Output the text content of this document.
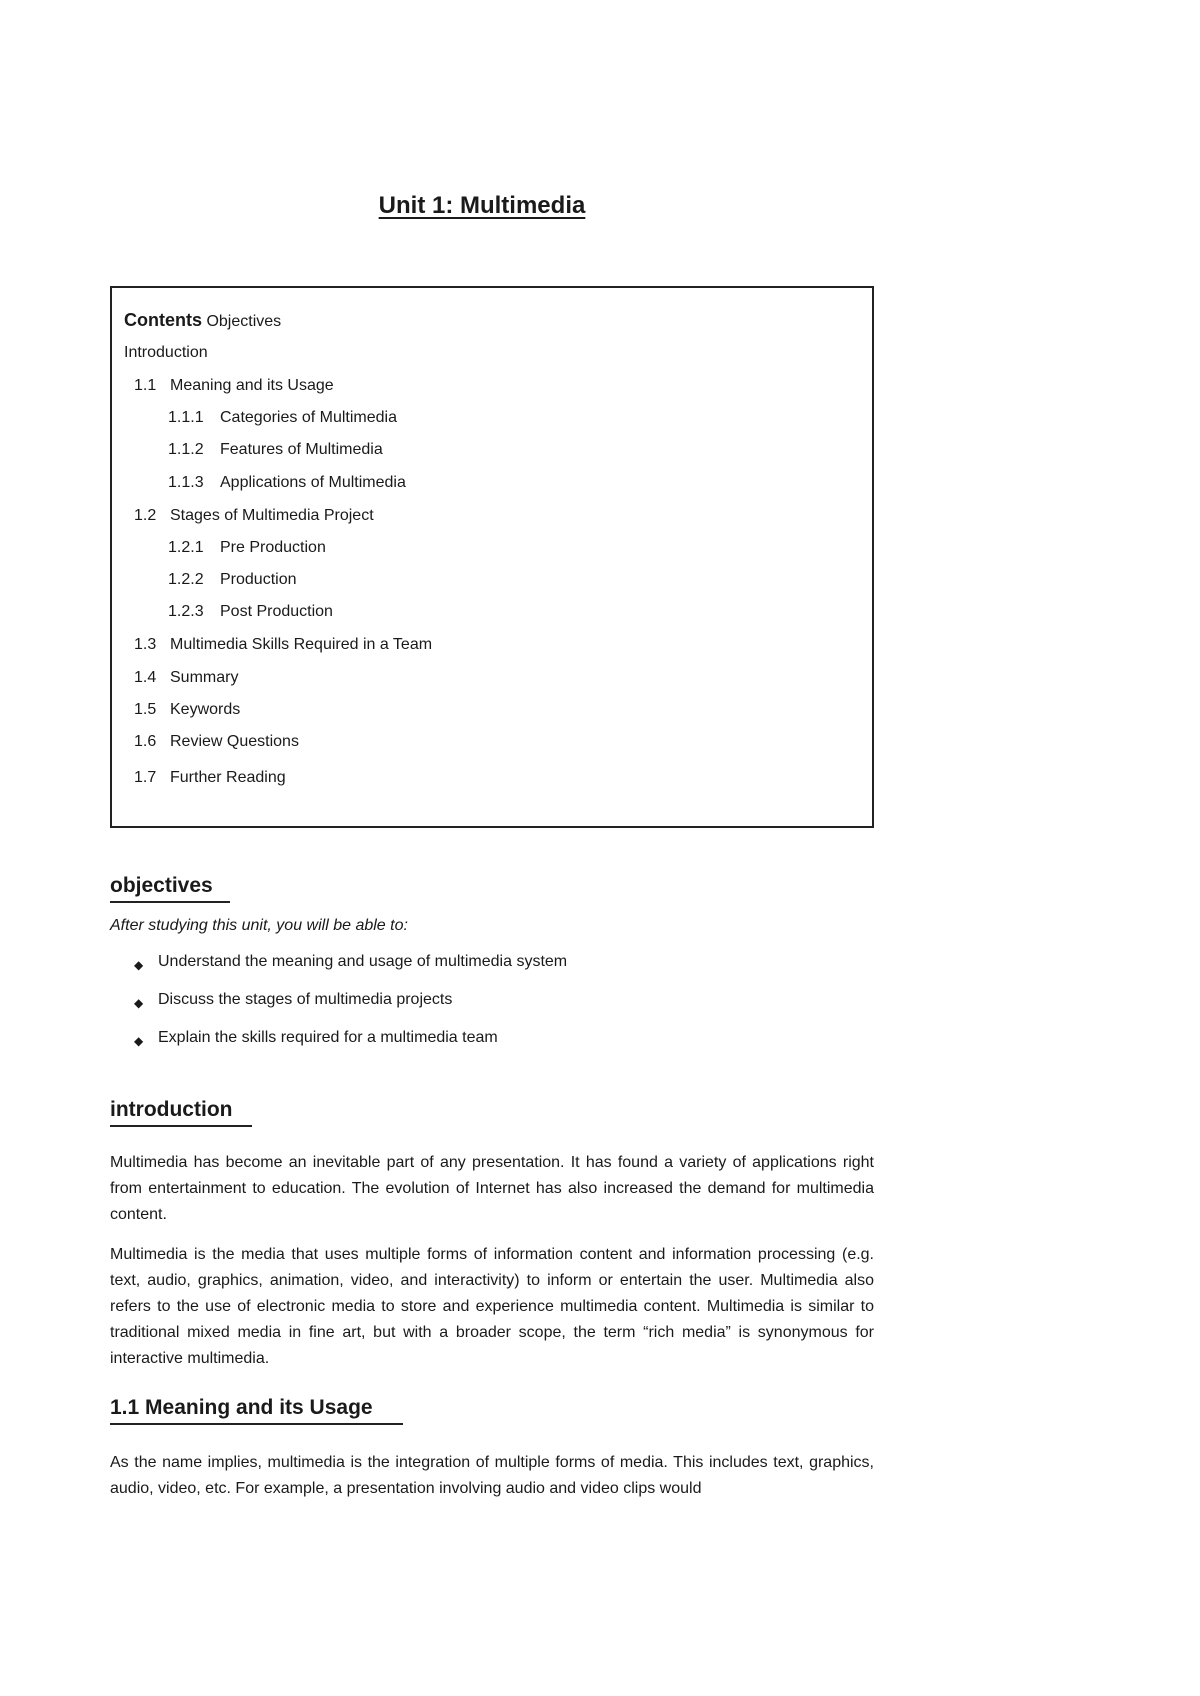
Unit 1: Multimedia
Contents Objectives
Introduction
1.1 Meaning and its Usage
1.1.1 Categories of Multimedia
1.1.2 Features of Multimedia
1.1.3 Applications of Multimedia
1.2 Stages of Multimedia Project
1.2.1 Pre Production
1.2.2 Production
1.2.3 Post Production
1.3 Multimedia Skills Required in a Team
1.4 Summary
1.5 Keywords
1.6 Review Questions
1.7 Further Reading
objectives

After studying this unit, you will be able to:

◆ Understand the meaning and usage of multimedia system
◆ Discuss the stages of multimedia projects
◆ Explain the skills required for a multimedia team
introduction

Multimedia has become an inevitable part of any presentation. It has found a variety of applications right from entertainment to education. The evolution of Internet has also increased the demand for multimedia content.

Multimedia is the media that uses multiple forms of information content and information processing (e.g. text, audio, graphics, animation, video, and interactivity) to inform or entertain the user. Multimedia also refers to the use of electronic media to store and experience multimedia content. Multimedia is similar to traditional mixed media in fine art, but with a broader scope, the term “rich media” is synonymous for interactive multimedia.

1.1 Meaning and its Usage

As the name implies, multimedia is the integration of multiple forms of media. This includes text, graphics, audio, video, etc. For example, a presentation involving audio and video clips would
